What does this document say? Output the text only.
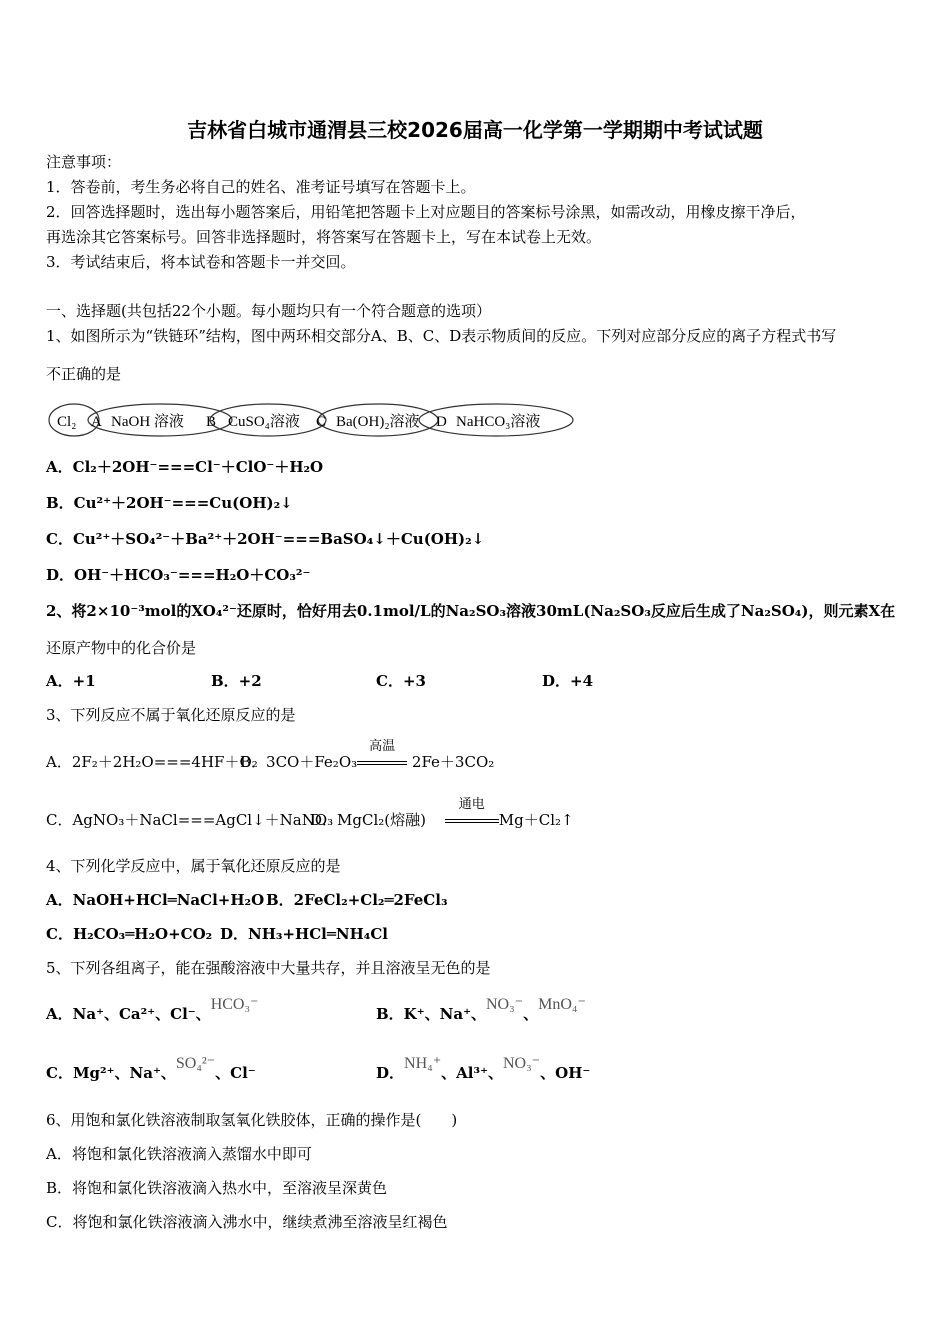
吉林省白城市通渭县三校2026届高一化学第一学期期中考试试题
注意事项：
1．答卷前，考生务必将自己的姓名、准考证号填写在答题卡上。
2．回答选择题时，选出每小题答案后，用铅笔把答题卡上对应题目的答案标号涂黑，如需改动，用橡皮擦干净后，
再选涂其它答案标号。回答非选择题时，将答案写在答题卡上，写在本试卷上无效。
3．考试结束后，将本试卷和答题卡一并交回。
一、选择题(共包括22个小题。每小题均只有一个符合题意的选项）
1、如图所示为“铁链环”结构，图中两环相交部分A、B、C、D表示物质间的反应。下列对应部分反应的离子方程式书写
不正确的是
Cl₂ A NaOH 溶液 B CuSO₄溶液 C Ba(OH)₂溶液 D NaHCO₃溶液
A．Cl₂＋2OH⁻===Cl⁻＋ClO⁻＋H₂O
B．Cu²⁺＋2OH⁻===Cu(OH)₂↓
C．Cu²⁺＋SO₄²⁻＋Ba²⁺＋2OH⁻===BaSO₄↓＋Cu(OH)₂↓
D．OH⁻＋HCO₃⁻===H₂O＋CO₃²⁻
2、将2×10⁻³mol的XO₄²⁻还原时，恰好用去0.1mol/L的Na₂SO₃溶液30mL(Na₂SO₃反应后生成了Na₂SO₄)，则元素X在
还原产物中的化合价是
A．+1	B．+2	C．+3	D．+4
3、下列反应不属于氧化还原反应的是
A．2F₂＋2H₂O===4HF＋O₂
B．3CO＋Fe₂O₃
高温
2Fe＋3CO₂
C．AgNO₃＋NaCl===AgCl↓＋NaNO₃
D．MgCl₂(熔融)
通电
Mg＋Cl₂↑
4、下列化学反应中，属于氧化还原反应的是
A．NaOH+HCl═NaCl+H₂O B．2FeCl₂+Cl₂═2FeCl₃
C．H₂CO₃═H₂O+CO₂ D．NH₃+HCl═NH₄Cl
5、下列各组离子，能在强酸溶液中大量共存，并且溶液呈无色的是
A．Na⁺、Ca²⁺、Cl⁻、HCO₃⁻
B．K⁺、Na⁺、NO₃⁻、MnO₄⁻
C．Mg²⁺、Na⁺、SO₄²⁻、Cl⁻	D．NH₄⁺、Al³⁺、NO₃⁻、OH⁻
6、用饱和氯化铁溶液制取氢氧化铁胶体，正确的操作是(　　)
A．将饱和氯化铁溶液滴入蒸馏水中即可
B．将饱和氯化铁溶液滴入热水中，至溶液呈深黄色
C．将饱和氯化铁溶液滴入沸水中，继续煮沸至溶液呈红褐色
